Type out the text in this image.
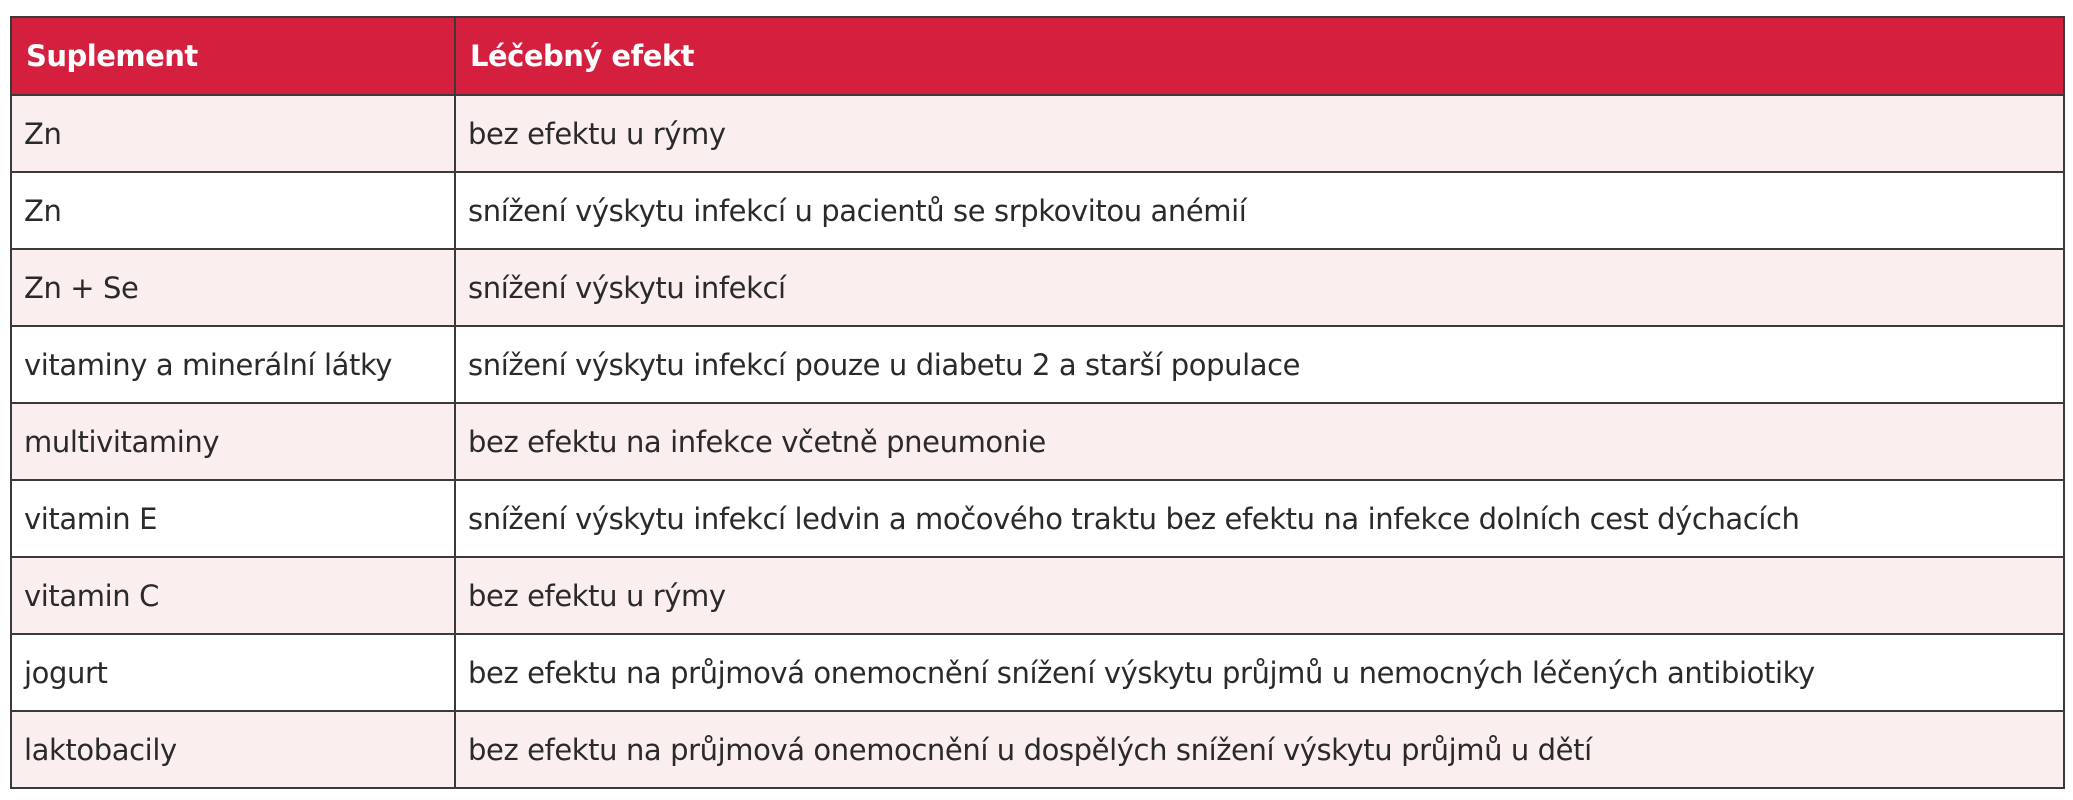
Suplement	Léčebný efekt
Zn	bez efektu u rýmy
Zn	snížení výskytu infekcí u pacientů se srpkovitou anémií
Zn + Se	snížení výskytu infekcí
vitaminy a minerální látky	snížení výskytu infekcí pouze u diabetu 2 a starší populace
multivitaminy	bez efektu na infekce včetně pneumonie
vitamin E	snížení výskytu infekcí ledvin a močového traktu bez efektu na infekce dolních cest dýchacích
vitamin C	bez efektu u rýmy
jogurt	bez efektu na průjmová onemocnění snížení výskytu průjmů u nemocných léčených antibiotiky
laktobacily	bez efektu na průjmová onemocnění u dospělých snížení výskytu průjmů u dětí
